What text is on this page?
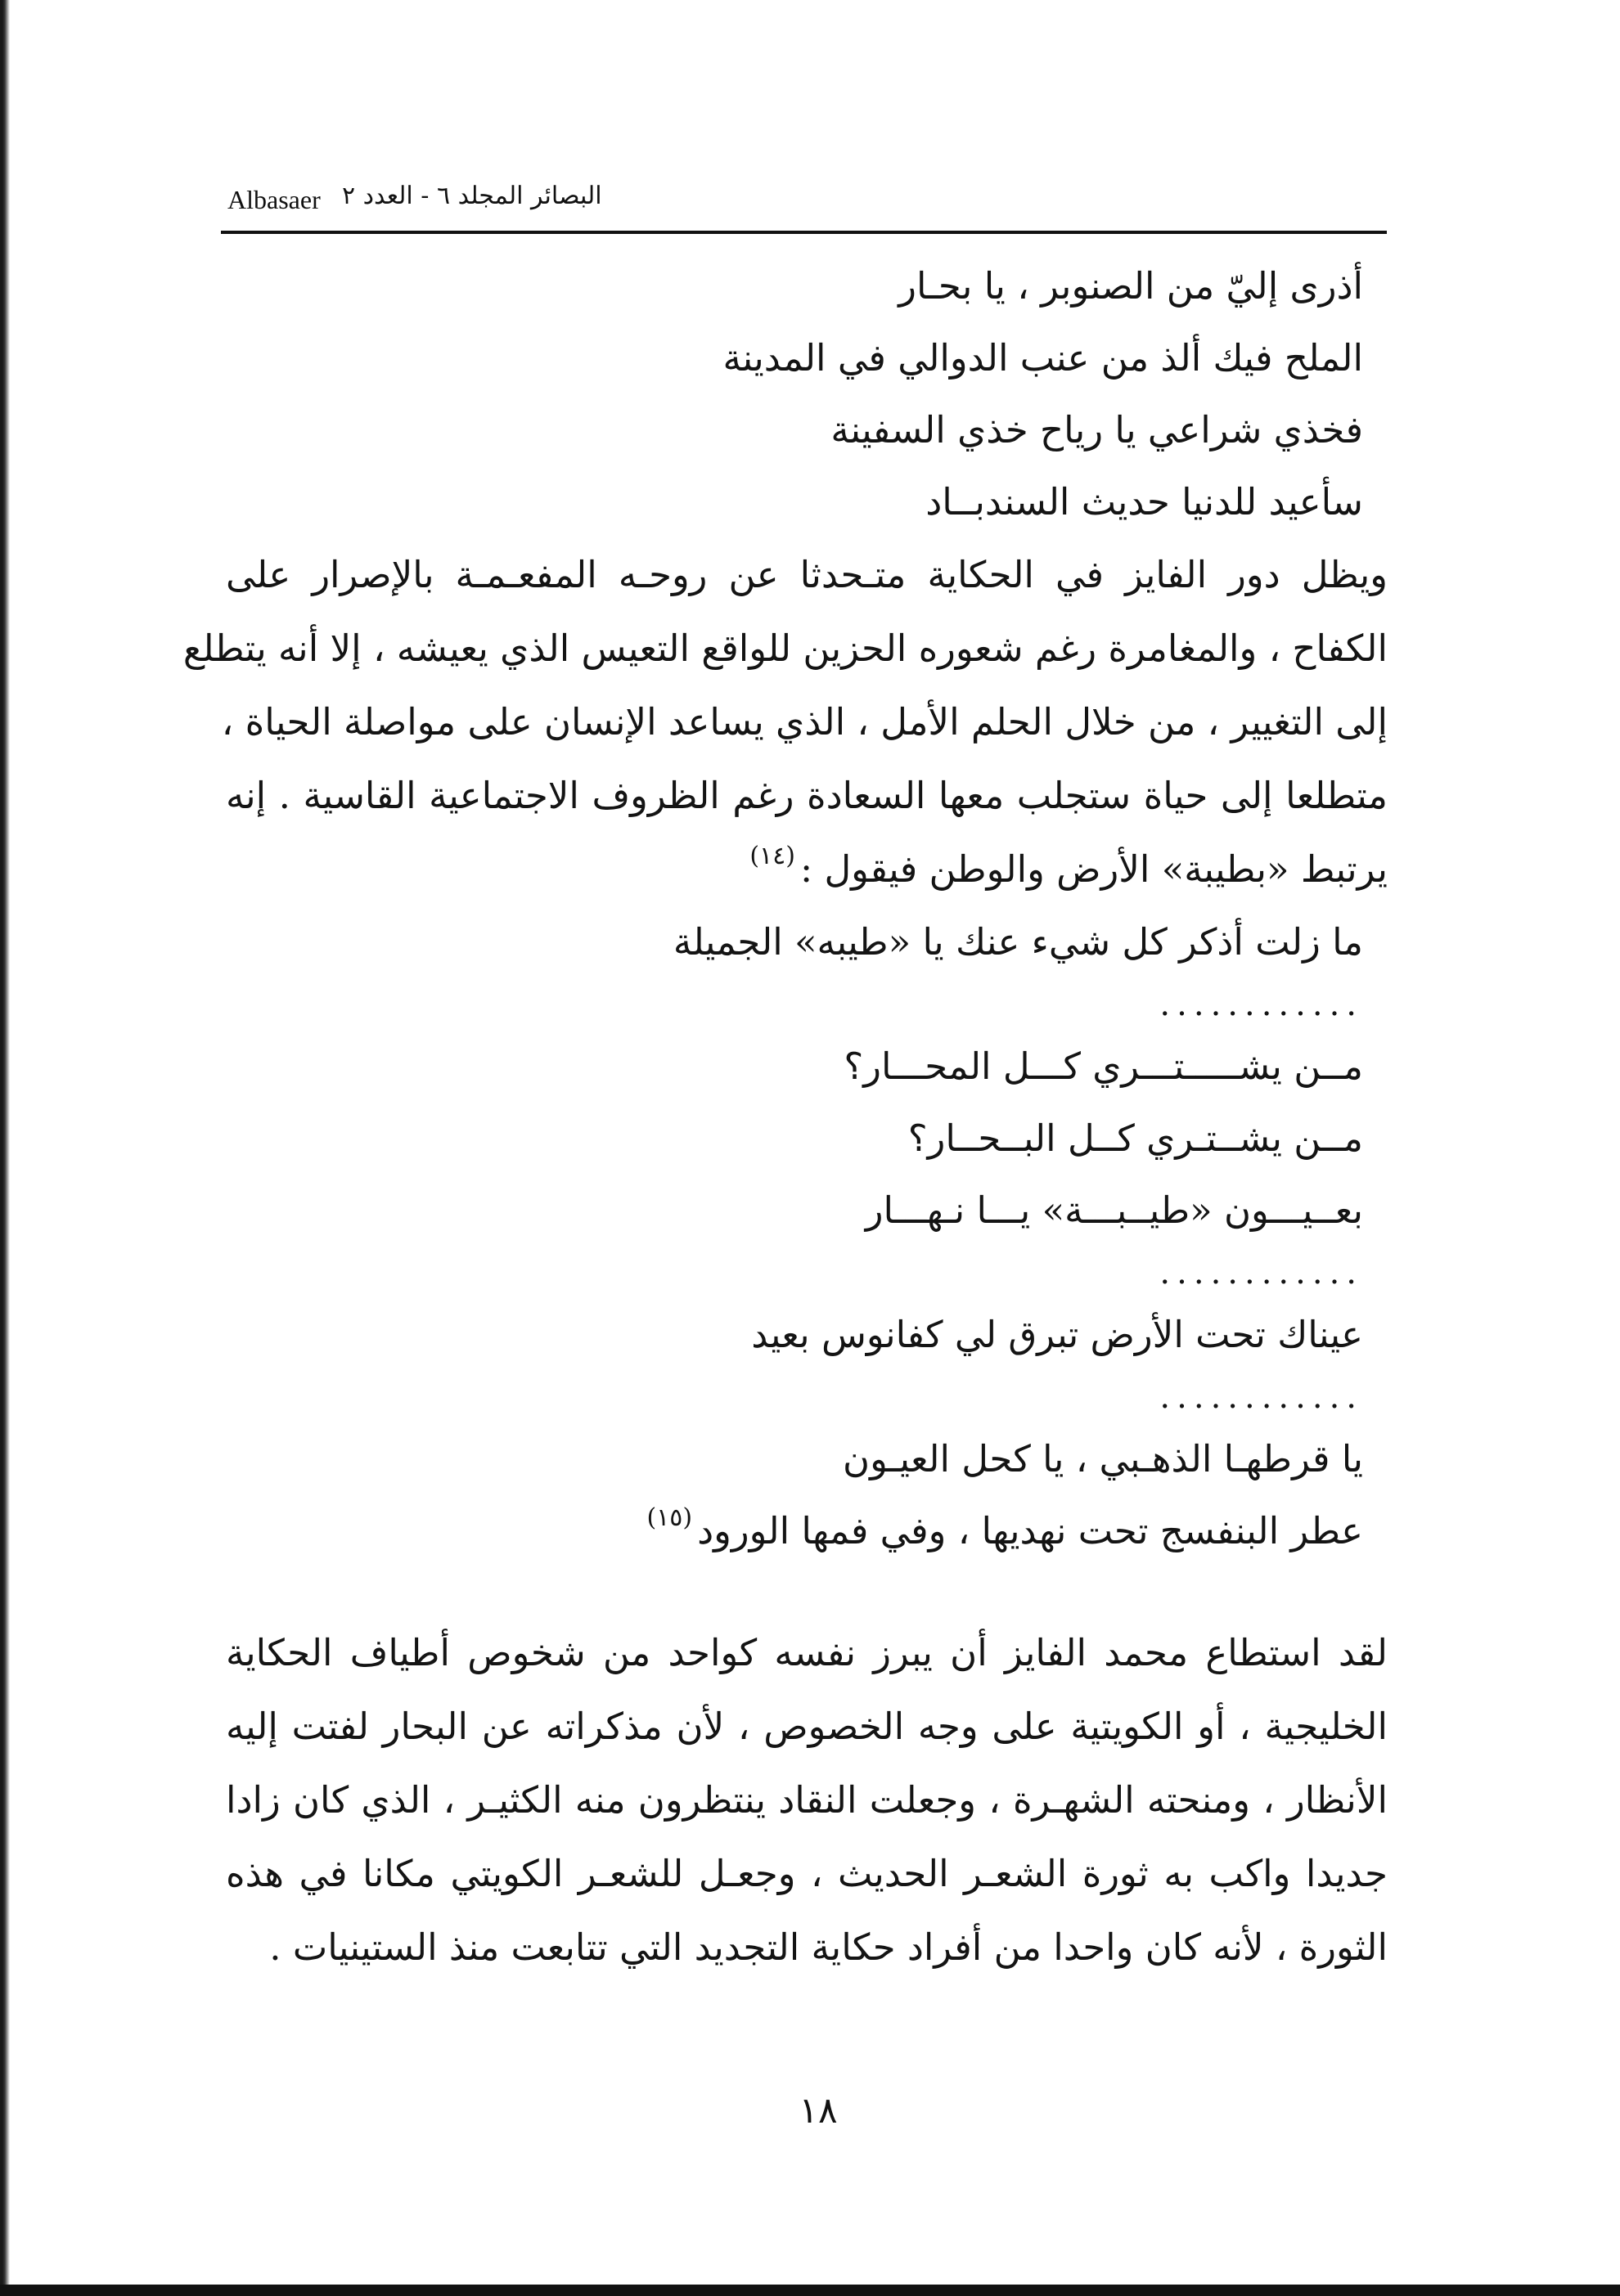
Albasaer البصائر المجلد ٦ - العدد ٢
أذرى إليّ من الصنوبر ، يا بحـار
الملح فيك ألذ من عنب الدوالي في المدينة
فخذي شراعي يا رياح خذي السفينة
سأعيد للدنيا حديث السندبــاد
ويظل دور الفايز في الحكاية متـحدثا عن روحـه المفعـمـة بالإصرار على
الكفاح ، والمغامرة رغم شعوره الحزين للواقع التعيس الذي يعيشه ، إلا أنه يتطلع
إلى التغيير ، من خلال الحلم الأمل ، الذي يساعد الإنسان على مواصلة الحياة ،
متطلعا إلى حياة ستجلب معها السعادة رغم الظروف الاجتماعية القاسية . إنه
يرتبط «بطيبة» الأرض والوطن فيقول :$^{(١٤)}$
ما زلت أذكر كل شيء عنك يا «طيبه» الجميلة
............
مــن يشـــــتـــري كـــل المحـــار؟
مــن يشــتـري كــل البــحــار؟
بعــيـــون «طيــبـــة» يـــا نـهـــار
............
عيناك تحت الأرض تبرق لي كفانوس بعيد
............
يا قرطهـا الذهـبي ، يا كحل العيـون
عطر البنفسج تحت نهديها ، وفي فمها الورود$^{(١٥)}$
لقد استطاع محمد الفايز أن يبرز نفسه كواحد من شخوص أطياف الحكاية
الخليجية ، أو الكويتية على وجه الخصوص ، لأن مذكراته عن البحار لفتت إليه
الأنظار ، ومنحته الشهـرة ، وجعلت النقاد ينتظرون منه الكثيـر ، الذي كان زادا
جديدا واكب به ثورة الشعـر الحديث ، وجعـل للشعـر الكويتي مكانا في هذه
الثورة ، لأنه كان واحدا من أفراد حكاية التجديد التي تتابعت منذ الستينيات .
١٨
